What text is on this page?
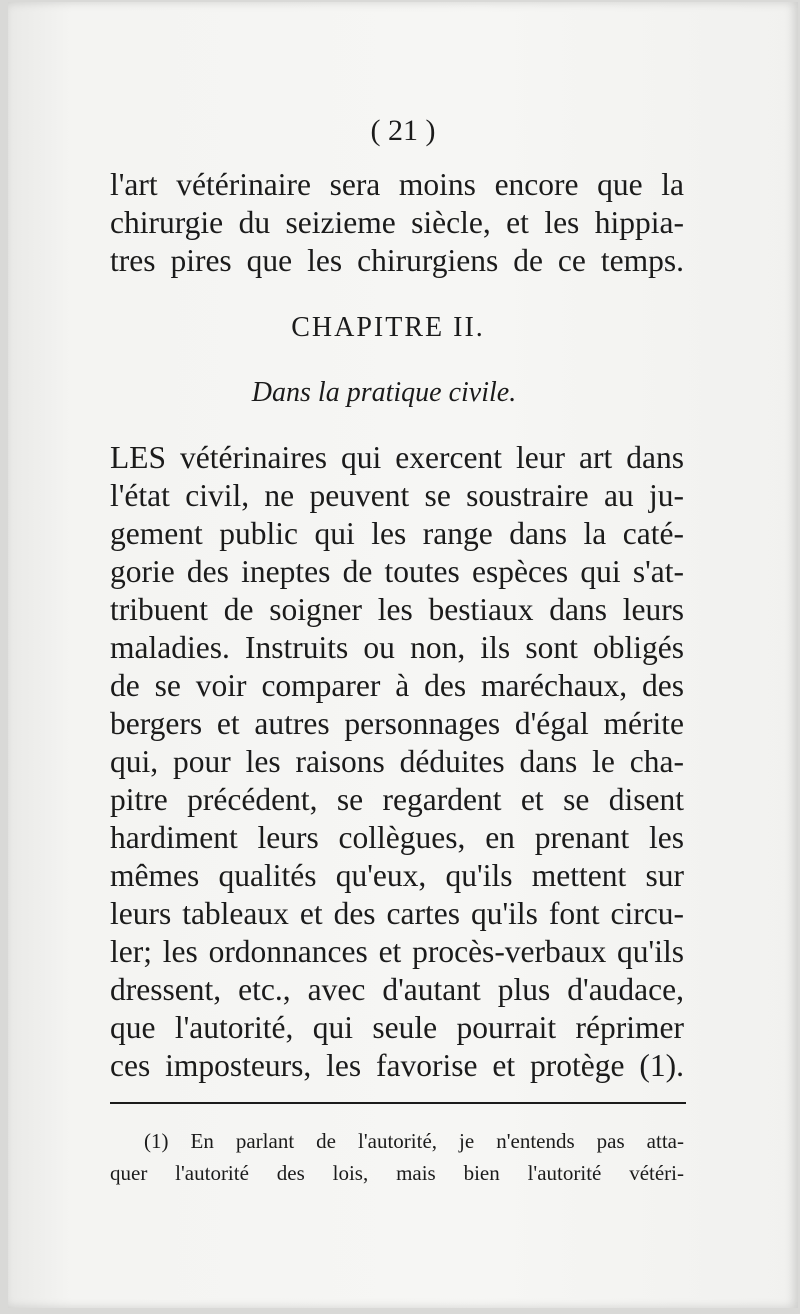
( 21 )
l'art vétérinaire sera moins encore que la
chirurgie du seizieme siècle, et les hippia-
tres pires que les chirurgiens de ce temps.
CHAPITRE II.
Dans la pratique civile.
LES vétérinaires qui exercent leur art dans
l'état civil, ne peuvent se soustraire au ju-
gement public qui les range dans la caté-
gorie des ineptes de toutes espèces qui s'at-
tribuent de soigner les bestiaux dans leurs
maladies. Instruits ou non, ils sont obligés
de se voir comparer à des maréchaux, des
bergers et autres personnages d'égal mérite
qui, pour les raisons déduites dans le cha-
pitre précédent, se regardent et se disent
hardiment leurs collègues, en prenant les
mêmes qualités qu'eux, qu'ils mettent sur
leurs tableaux et des cartes qu'ils font circu-
ler; les ordonnances et procès-verbaux qu'ils
dressent, etc., avec d'autant plus d'audace,
que l'autorité, qui seule pourrait réprimer
ces imposteurs, les favorise et protège (1).
(1) En parlant de l'autorité, je n'entends pas atta-
quer l'autorité des lois, mais bien l'autorité vétéri-
